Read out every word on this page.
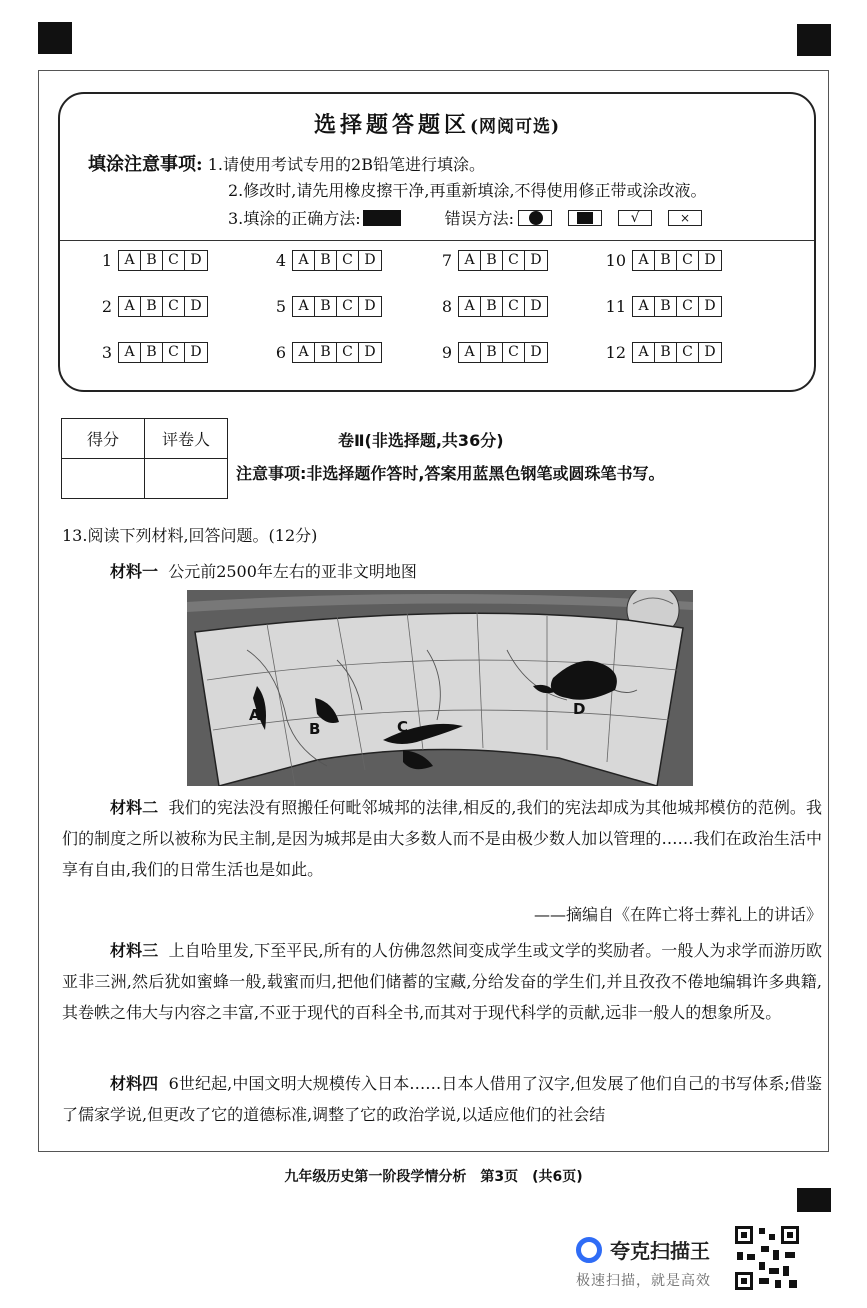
选择题答题区(网阅可选)
填涂注意事项: 1.请使用考试专用的2B铅笔进行填涂。
2.修改时,请先用橡皮擦干净,再重新填涂,不得使用修正带或涂改液。
3.填涂的正确方法:	错误方法:	√	×
1 A B C D
2 A B C D
3 A B C D
4 A B C D
5 A B C D
6 A B C D
7 A B C D
8 A B C D
9 A B C D
10 A B C D
11 A B C D
12 A B C D
得分	评卷人
		卷Ⅱ(非选择题,共36分)
注意事项:非选择题作答时,答案用蓝黑色钢笔或圆珠笔书写。
13.阅读下列材料,回答问题。(12分)
材料一 公元前2500年左右的亚非文明地图
A
B	C
D
材料二 我们的宪法没有照搬任何毗邻城邦的法律,相反的,我们的宪法却成为其他城邦模仿的范例。我们的制度之所以被称为民主制,是因为城邦是由大多数人而不是由极少数人加以管理的……我们在政治生活中享有自由,我们的日常生活也是如此。
——摘编自《在阵亡将士葬礼上的讲话》
材料三 上自哈里发,下至平民,所有的人仿佛忽然间变成学生或文学的奖励者。一般人为求学而游历欧亚非三洲,然后犹如蜜蜂一般,载蜜而归,把他们储蓄的宝藏,分给发奋的学生们,并且孜孜不倦地编辑许多典籍,其卷帙之伟大与内容之丰富,不亚于现代的百科全书,而其对于现代科学的贡献,远非一般人的想象所及。
材料四 6世纪起,中国文明大规模传入日本……日本人借用了汉字,但发展了他们自己的书写体系;借鉴了儒家学说,但更改了它的道德标准,调整了它的政治学说,以适应他们的社会结
九年级历史第一阶段学情分析　第3页　(共6页)
夸克扫描王
极速扫描，就是高效
